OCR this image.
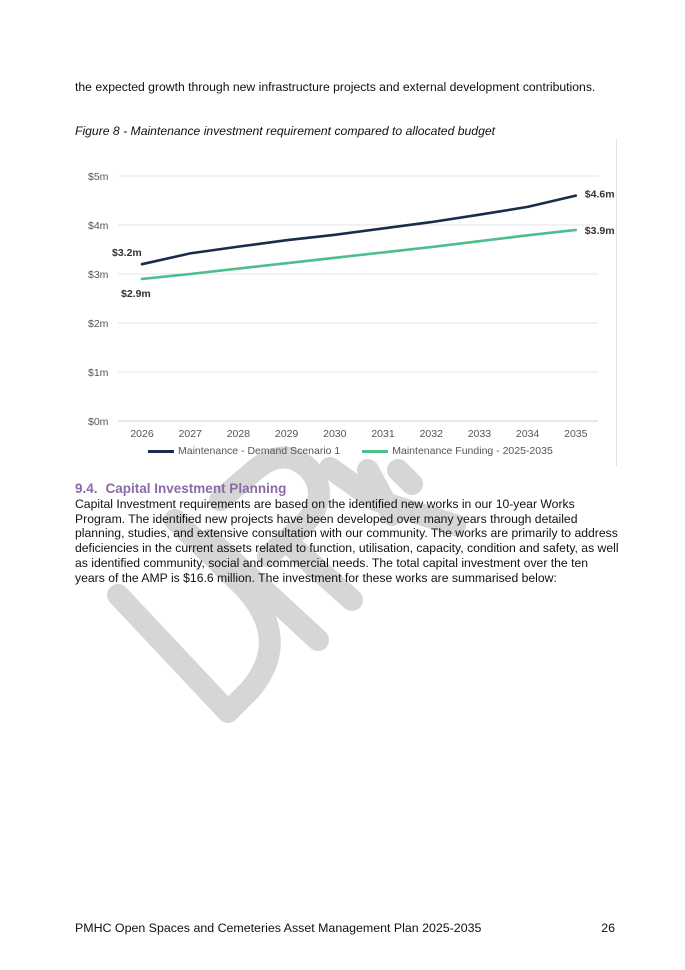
the expected growth through new infrastructure projects and external development contributions.

Figure 8 - Maintenance investment requirement compared to allocated budget

$0m
$1m
$2m
$3m
$4m
$5m
2026 2027 2028 2029 2030 2031 2032 2033 2034 2035
$3.2m
$4.6m
$2.9m
$3.9m
Maintenance - Demand Scenario 1	Maintenance Funding - 2025-2035
9.4. Capital Investment Planning

Capital Investment requirements are based on the identified new works in our 10-year Works Program. The identified new projects have been developed over many years through detailed planning, studies, and extensive consultation with our community. The works are primarily to address deficiencies in the current assets related to function, utilisation, capacity, condition and safety, as well as identified community, social and commercial needs. The total capital investment over the ten years of the AMP is $16.6 million. The investment for these works are summarised below:

PMHC Open Spaces and Cemeteries Asset Management Plan 2025-2035	26
